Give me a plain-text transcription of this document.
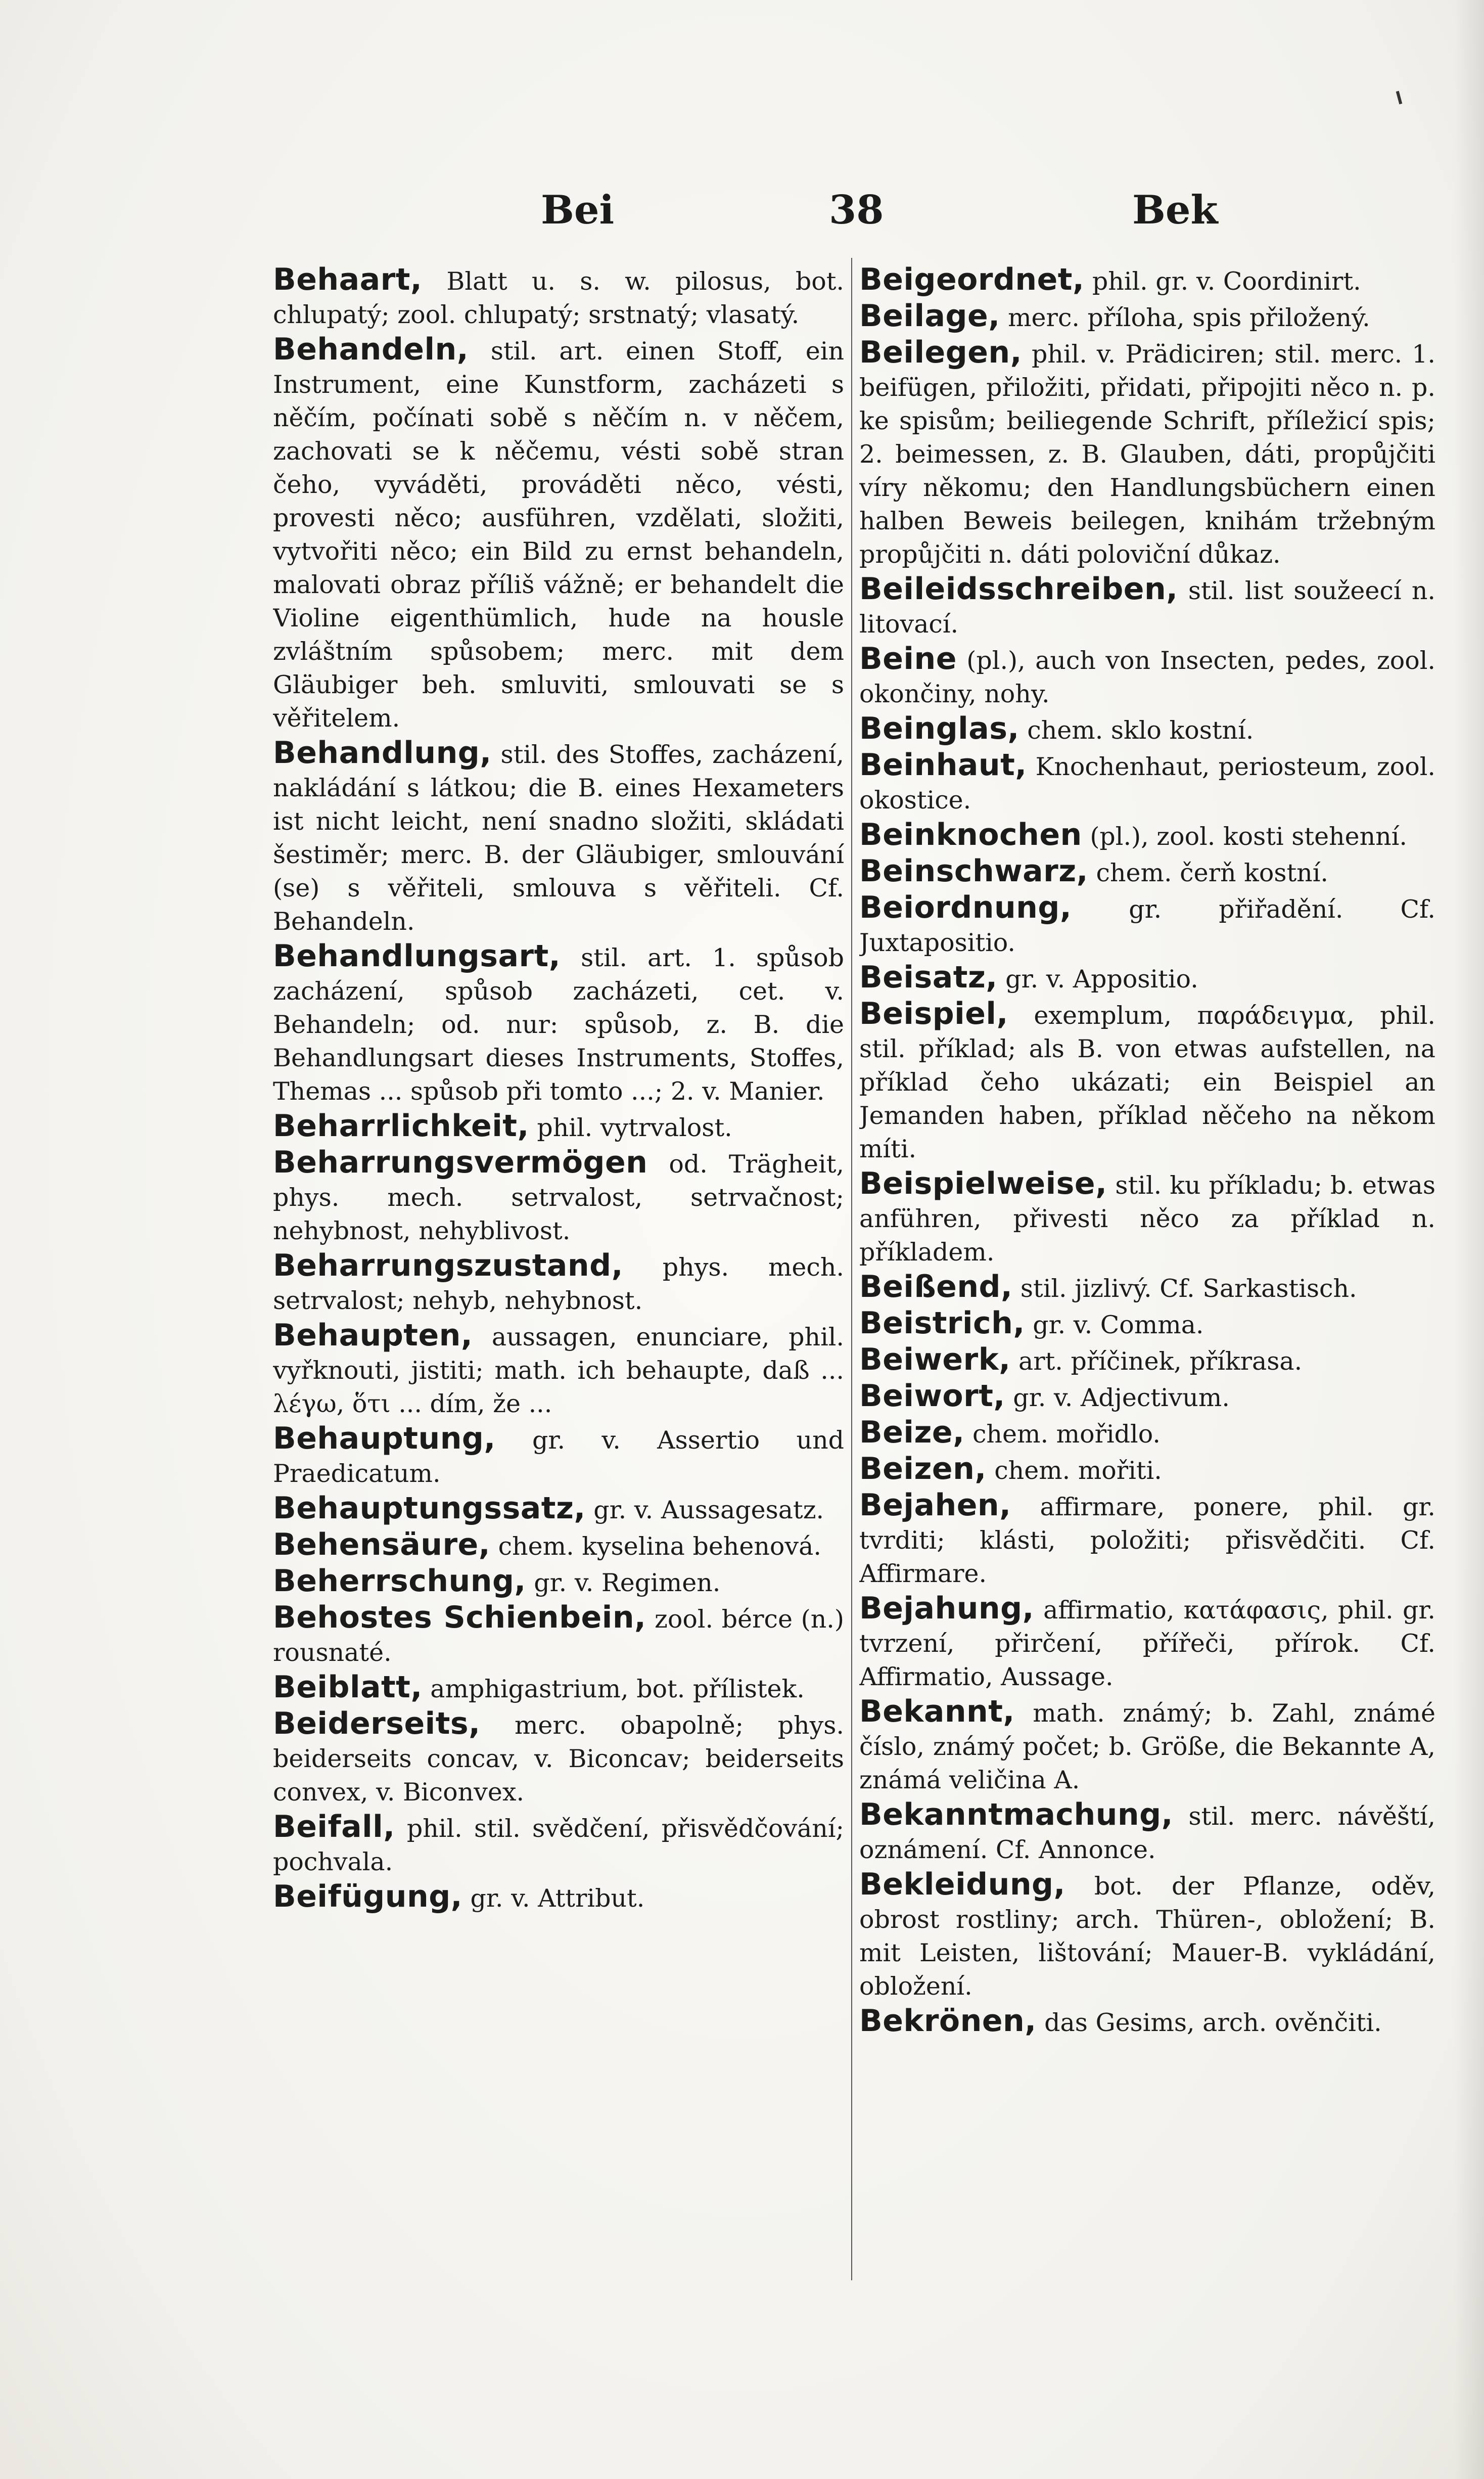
Bei	38	Bek

Behaart, Blatt u. s. w. pilosus, bot. chlupatý; zool. chlupatý; srstnatý; vlasatý.

Behandeln, stil. art. einen Stoff, ein Instrument, eine Kunstform, zacházeti s něčím, počínati sobě s něčím n. v něčem, zachovati se k něčemu, vésti sobě stran čeho, vyváděti, prováděti něco, vésti, provesti něco; ausführen, vzdělati, složiti, vytvořiti něco; ein Bild zu ernst behandeln, malovati obraz příliš vážně; er behandelt die Violine eigenthümlich, hude na housle zvláštním spůsobem; merc. mit dem Gläubiger beh. smluviti, smlouvati se s věřitelem.

Behandlung, stil. des Stoffes, zacházení, nakládání s látkou; die B. eines Hexameters ist nicht leicht, není snadno složiti, skládati šestiměr; merc. B. der Gläubiger, smlouvání (se) s věřiteli, smlouva s věřiteli. Cf. Behandeln.

Behandlungsart, stil. art. 1. spůsob zacházení, spůsob zacházeti, cet. v. Behandeln; od. nur: spůsob, z. B. die Behandlungsart dieses Instruments, Stoffes, Themas ... spůsob při tomto ...; 2. v. Manier.

Beharrlichkeit, phil. vytrvalost.

Beharrungsvermögen od. Trägheit, phys. mech. setrvalost, setrvačnost; nehybnost, nehyblivost.

Beharrungszustand, phys. mech. setrvalost; nehyb, nehybnost.

Behaupten, aussagen, enunciare, phil. vyřknouti, jistiti; math. ich behaupte, daß ... λέγω, ὅτι ... dím, že ...

Behauptung, gr. v. Assertio und Praedicatum.

Behauptungssatz, gr. v. Aussagesatz.

Behensäure, chem. kyselina behenová.

Beherrschung, gr. v. Regimen.

Behostes Schienbein, zool. bérce (n.) rousnaté.

Beiblatt, amphigastrium, bot. přílistek.

Beiderseits, merc. obapolně; phys. beiderseits concav, v. Biconcav; beiderseits convex, v. Biconvex.

Beifall, phil. stil. svědčení, přisvědčování; pochvala.

Beifügung, gr. v. Attribut.

Beigeordnet, phil. gr. v. Coordinirt.

Beilage, merc. příloha, spis přiložený.

Beilegen, phil. v. Prädiciren; stil. merc. 1. beifügen, přiložiti, přidati, připojiti něco n. p. ke spisům; beiliegende Schrift, příležicí spis; 2. beimessen, z. B. Glauben, dáti, propůjčiti víry někomu; den Handlungsbüchern einen halben Beweis beilegen, knihám tržebným propůjčiti n. dáti poloviční důkaz.

Beileidsschreiben, stil. list soužeecí n. litovací.

Beine (pl.), auch von Insecten, pedes, zool. okončiny, nohy.

Beinglas, chem. sklo kostní.

Beinhaut, Knochenhaut, periosteum, zool. okostice.

Beinknochen (pl.), zool. kosti stehenní.

Beinschwarz, chem. čerň kostní.

Beiordnung, gr. přiřadění. Cf. Juxtapositio.

Beisatz, gr. v. Appositio.

Beispiel, exemplum, παράδειγμα, phil. stil. příklad; als B. von etwas aufstellen, na příklad čeho ukázati; ein Beispiel an Jemanden haben, příklad něčeho na někom míti.

Beispielweise, stil. ku příkladu; b. etwas anführen, přivesti něco za příklad n. příkladem.

Beißend, stil. jizlivý. Cf. Sarkastisch.

Beistrich, gr. v. Comma.

Beiwerk, art. příčinek, příkrasa.

Beiwort, gr. v. Adjectivum.

Beize, chem. mořidlo.

Beizen, chem. mořiti.

Bejahen, affirmare, ponere, phil. gr. tvrditi; klásti, položiti; přisvědčiti. Cf. Affirmare.

Bejahung, affirmatio, κατάφασις, phil. gr. tvrzení, přirčení, přířeči, přírok. Cf. Affirmatio, Aussage.

Bekannt, math. známý; b. Zahl, známé číslo, známý počet; b. Größe, die Bekannte A, známá veličina A.

Bekanntmachung, stil. merc. návěští, oznámení. Cf. Annonce.

Bekleidung, bot. der Pflanze, oděv, obrost rostliny; arch. Thüren-, obložení; B. mit Leisten, lištování; Mauer-B. vykládání, obložení.

Bekrönen, das Gesims, arch. ověnčiti.
